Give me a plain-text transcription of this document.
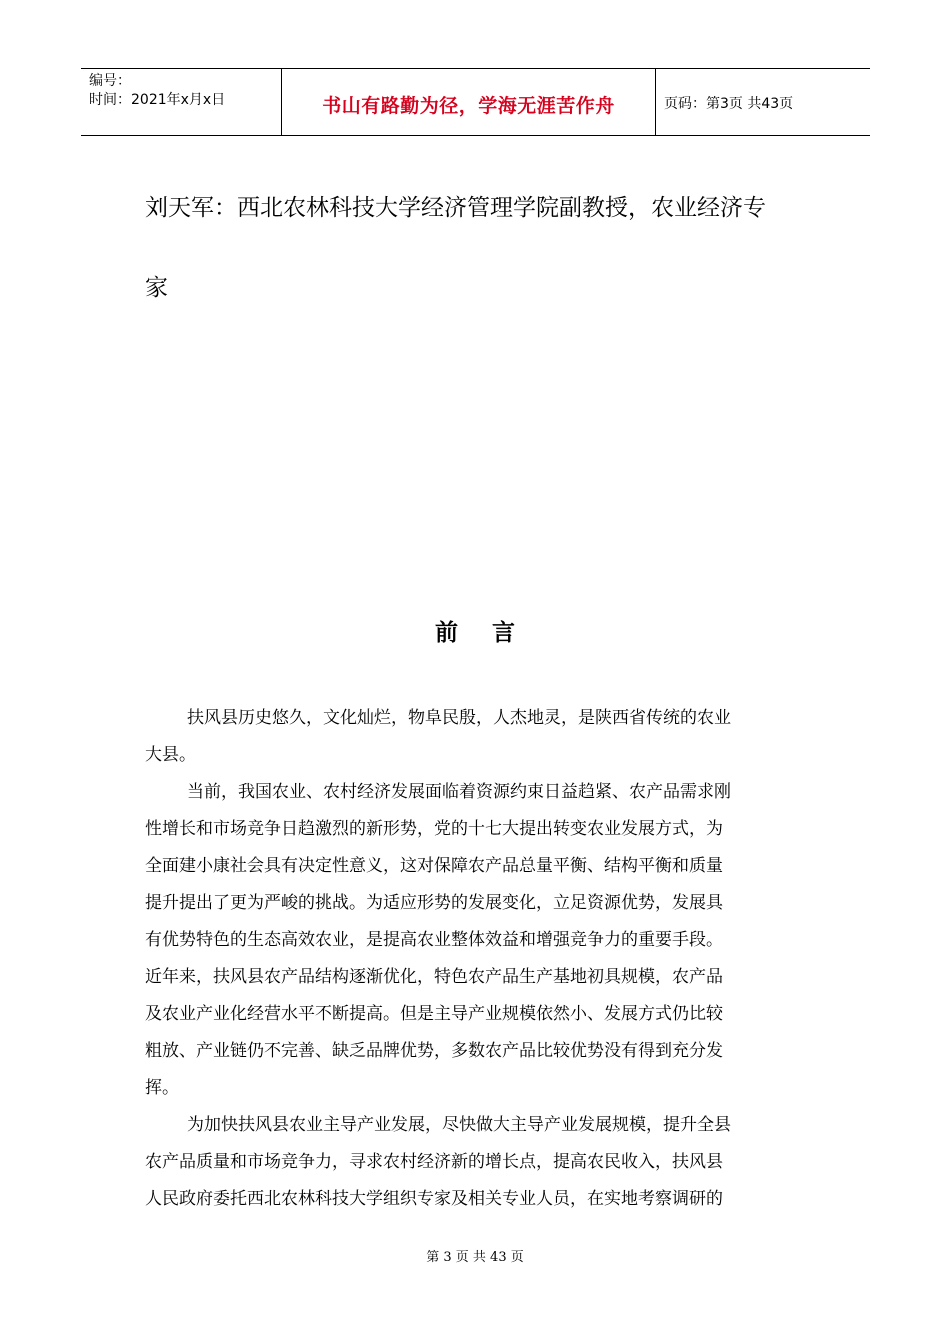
编号：
时间：2021年x月x日	书山有路勤为径，学海无涯苦作舟	页码：第3页 共43页

刘天军：西北农林科技大学经济管理学院副教授，农业经济专
家

前言
扶风县历史悠久，文化灿烂，物阜民殷，人杰地灵，是陕西省传统的农业
大县。
当前，我国农业、农村经济发展面临着资源约束日益趋紧、农产品需求刚
性增长和市场竞争日趋激烈的新形势，党的十七大提出转变农业发展方式，为
全面建小康社会具有决定性意义，这对保障农产品总量平衡、结构平衡和质量
提升提出了更为严峻的挑战。为适应形势的发展变化，立足资源优势，发展具
有优势特色的生态高效农业，是提高农业整体效益和增强竞争力的重要手段。
近年来，扶风县农产品结构逐渐优化，特色农产品生产基地初具规模，农产品
及农业产业化经营水平不断提高。但是主导产业规模依然小、发展方式仍比较
粗放、产业链仍不完善、缺乏品牌优势，多数农产品比较优势没有得到充分发
挥。
为加快扶风县农业主导产业发展，尽快做大主导产业发展规模，提升全县
农产品质量和市场竞争力，寻求农村经济新的增长点，提高农民收入，扶风县
人民政府委托西北农林科技大学组织专家及相关专业人员，在实地考察调研的
第 3 页 共 43 页
